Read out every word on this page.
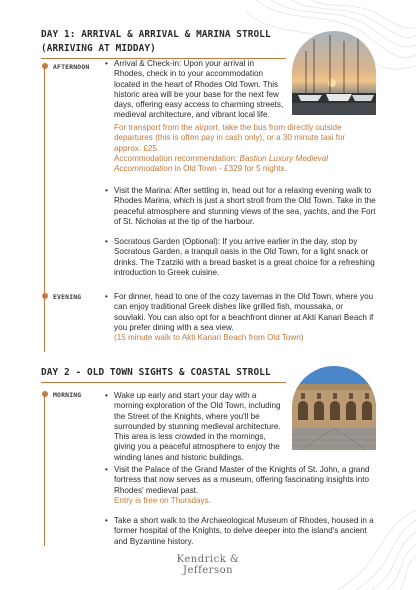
DAY 1: ARRIVAL & ARRIVAL & MARINA STROLL (ARRIVING AT MIDDAY)
AFTERNOON
EVENING

• Arrival & Check-in: Upon your arrival in Rhodes, check in to your accommodation located in the heart of Rhodes Old Town. This historic area will be your base for the next few days, offering easy access to charming streets, medieval architecture, and vibrant local life.

For transport from the airport, take the bus from directly outside departures (this is often pay in cash only), or a 30 minute taxi for approx. £25.

Accommodation recommendation: Bastion Luxury Medieval Accommodation in Old Town - £329 for 5 nights.

• Visit the Marina: After settling in, head out for a relaxing evening walk to Rhodes Marina, which is just a short stroll from the Old Town. Take in the peaceful atmosphere and stunning views of the sea, yachts, and the Fort of St. Nicholas at the tip of the harbour.

• Socratous Garden (Optional): If you arrive earlier in the day, stop by Socratous Garden, a tranquil oasis in the Old Town, for a light snack or drinks. The Tzatziki with a bread basket is a great choice for a refreshing introduction to Greek cuisine.

• For dinner, head to one of the cozy tavernas in the Old Town, where you can enjoy traditional Greek dishes like grilled fish, moussaka, or souvlaki. You can also opt for a beachfront dinner at Akti Kanari Beach if you prefer dining with a sea view.

(15 minute walk to Akti Kanari Beach from Old Town)

DAY 2 - OLD TOWN SIGHTS & COASTAL STROLL
MORNING

•	Wake up early and start your day with a morning exploration of the Old Town, including the Street of the Knights, where you'll be surrounded by stunning medieval architecture. This area is less crowded in the mornings, giving you a peaceful atmosphere to enjoy the winding lanes and historic buildings.

• Visit the Palace of the Grand Master of the Knights of St. John, a grand fortress that now serves as a museum, offering fascinating insights into Rhodes' medieval past.

Entry is free on Thursdays.

• Take a short walk to the Archaeological Museum of Rhodes, housed in a former hospital of the Knights, to delve deeper into the island's ancient and Byzantine history.

Kendrick &
Jefferson
